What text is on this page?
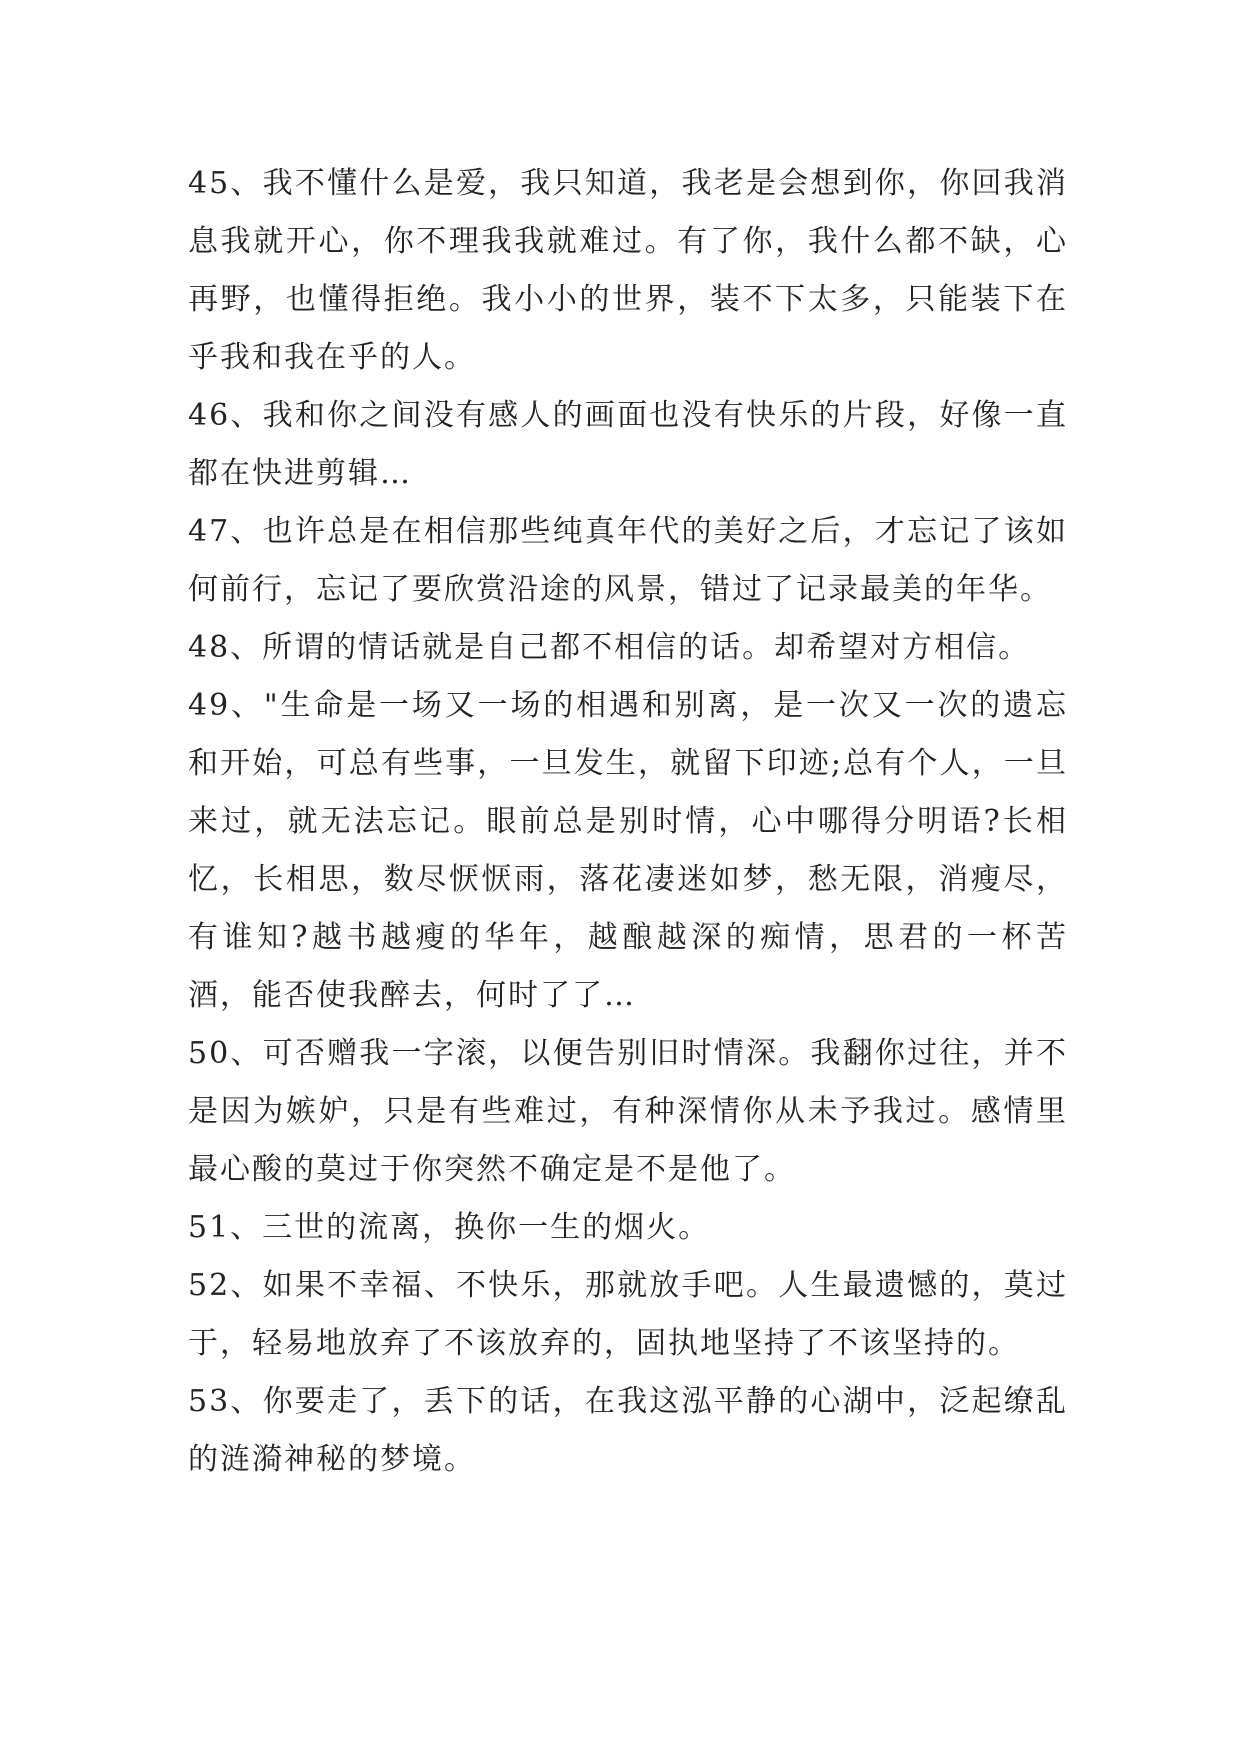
45、我不懂什么是爱，我只知道，我老是会想到你，你回我消息我就开心，你不理我我就难过。有了你，我什么都不缺，心再野，也懂得拒绝。我小小的世界，装不下太多，只能装下在乎我和我在乎的人。

46、我和你之间没有感人的画面也没有快乐的片段，好像一直都在快进剪辑…

47、也许总是在相信那些纯真年代的美好之后，才忘记了该如何前行，忘记了要欣赏沿途的风景，错过了记录最美的年华。

48、所谓的情话就是自己都不相信的话。却希望对方相信。

49、"生命是一场又一场的相遇和别离，是一次又一次的遗忘和开始，可总有些事，一旦发生，就留下印迹;总有个人，一旦来过，就无法忘记。眼前总是别时情，心中哪得分明语?长相忆，长相思，数尽恹恹雨，落花凄迷如梦，愁无限，消瘦尽，有谁知?越书越瘦的华年，越酿越深的痴情，思君的一杯苦酒，能否使我醉去，何时了了…

50、可否赠我一字滚，以便告别旧时情深。我翻你过往，并不是因为嫉妒，只是有些难过，有种深情你从未予我过。感情里最心酸的莫过于你突然不确定是不是他了。

51、三世的流离，换你一生的烟火。

52、如果不幸福、不快乐，那就放手吧。人生最遗憾的，莫过于，轻易地放弃了不该放弃的，固执地坚持了不该坚持的。

53、你要走了，丢下的话，在我这泓平静的心湖中，泛起缭乱的涟漪神秘的梦境。
